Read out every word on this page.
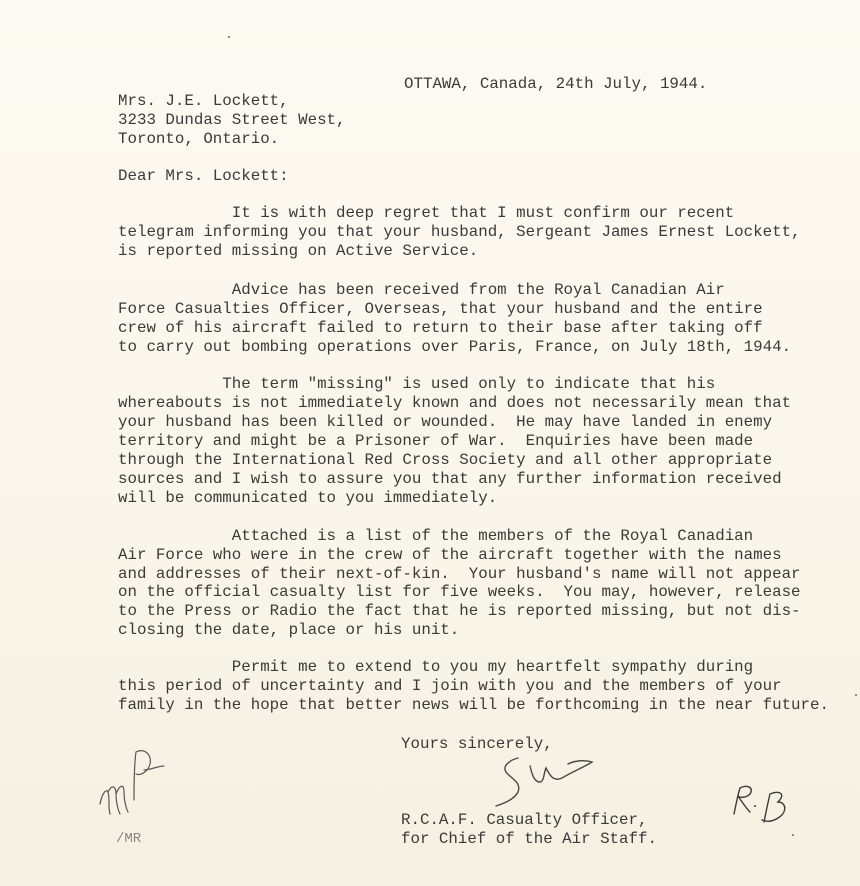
OTTAWA, Canada, 24th July, 1944.
Mrs. J.E. Lockett,
3233 Dundas Street West,
Toronto, Ontario.
Dear Mrs. Lockett:
It is with deep regret that I must confirm our recent
telegram informing you that your husband, Sergeant James Ernest Lockett,
is reported missing on Active Service.
Advice has been received from the Royal Canadian Air
Force Casualties Officer, Overseas, that your husband and the entire
crew of his aircraft failed to return to their base after taking off
to carry out bombing operations over Paris, France, on July 18th, 1944.
The term "missing" is used only to indicate that his
whereabouts is not immediately known and does not necessarily mean that
your husband has been killed or wounded.  He may have landed in enemy
territory and might be a Prisoner of War.  Enquiries have been made
through the International Red Cross Society and all other appropriate
sources and I wish to assure you that any further information received
will be communicated to you immediately.
Attached is a list of the members of the Royal Canadian
Air Force who were in the crew of the aircraft together with the names
and addresses of their next-of-kin.  Your husband's name will not appear
on the official casualty list for five weeks.  You may, however, release
to the Press or Radio the fact that he is reported missing, but not dis-
closing the date, place or his unit.
Permit me to extend to you my heartfelt sympathy during
this period of uncertainty and I join with you and the members of your
family in the hope that better news will be forthcoming in the near future.
Yours sincerely,
/MR
R.C.A.F. Casualty Officer,
for Chief of the Air Staff.
